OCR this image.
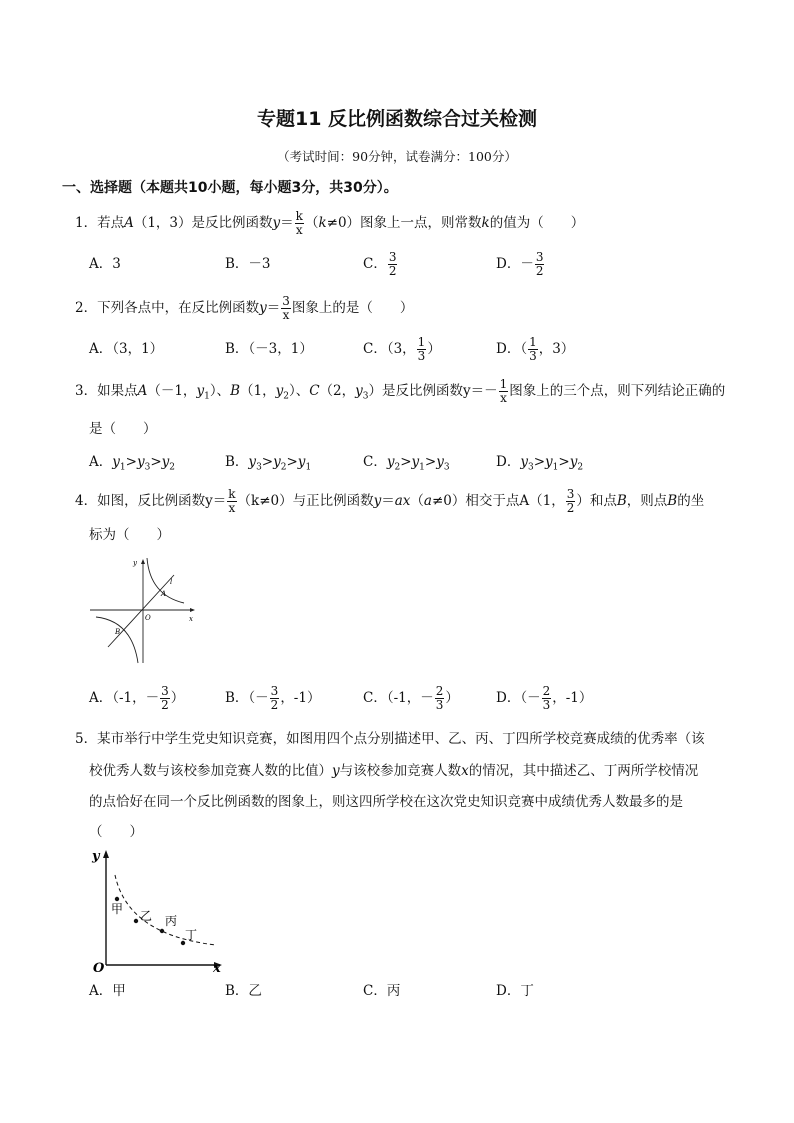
专题11 反比例函数综合过关检测
（考试时间：90分钟，试卷满分：100分）
一、选择题（本题共10小题，每小题3分，共30分）。
1．若点A（1，3）是反比例函数$y= \frac{k}{x} (k\ne 0)$图象上一点，则常数k的值为（　　）
A．3	B．－3	C． $\frac{3}{2}$	D．－ $\frac{3}{2}$
2．下列各点中，在反比例函数$y= \frac{3}{x}$ 图象上的是（　　）
A．（3，1）	B．（－3，1）	C．（3， $\frac{1}{3}$ ）	D．（ $\frac{1}{3}$ ，3）
3．如果点A（－1，$y_1$）、B（1，$y_2$）、C（2，$y_3$）是反比例函数$y=- \frac{1}{x}$ 图象上的三个点，则下列结论正确的
是（　　）
A．$y_1>y_3>y_2$	B．$y_3>y_2>y_1$	C．$y_2>y_1>y_3$	D．$y_3>y_1>y_2$
4．如图，反比例函数$y= \frac{k}{x} (k\ne 0)$与正比例函数y＝ax（a≠0）相交于点A（1， $\frac{3}{2}$ ）和点B，则点B的坐
标为（　　）
y
x
O
A
B
l
A．（-1，－ $\frac{3}{2}$ ）	B．（－ $\frac{3}{2}$ ，-1）	C．（-1，－ $\frac{2}{3}$ ）	D．（－ $\frac{2}{3}$ ，-1）
5．某市举行中学生党史知识竞赛，如图用四个点分别描述甲、乙、丙、丁四所学校竞赛成绩的优秀率（该
校优秀人数与该校参加竞赛人数的比值）y与该校参加竞赛人数x的情况，其中描述乙、丁两所学校情况
的点恰好在同一个反比例函数的图象上，则这四所学校在这次党史知识竞赛中成绩优秀人数最多的是
（　　）
y
x
O
甲 乙 丙
丁
A．甲	B．乙	C．丙	D．丁
